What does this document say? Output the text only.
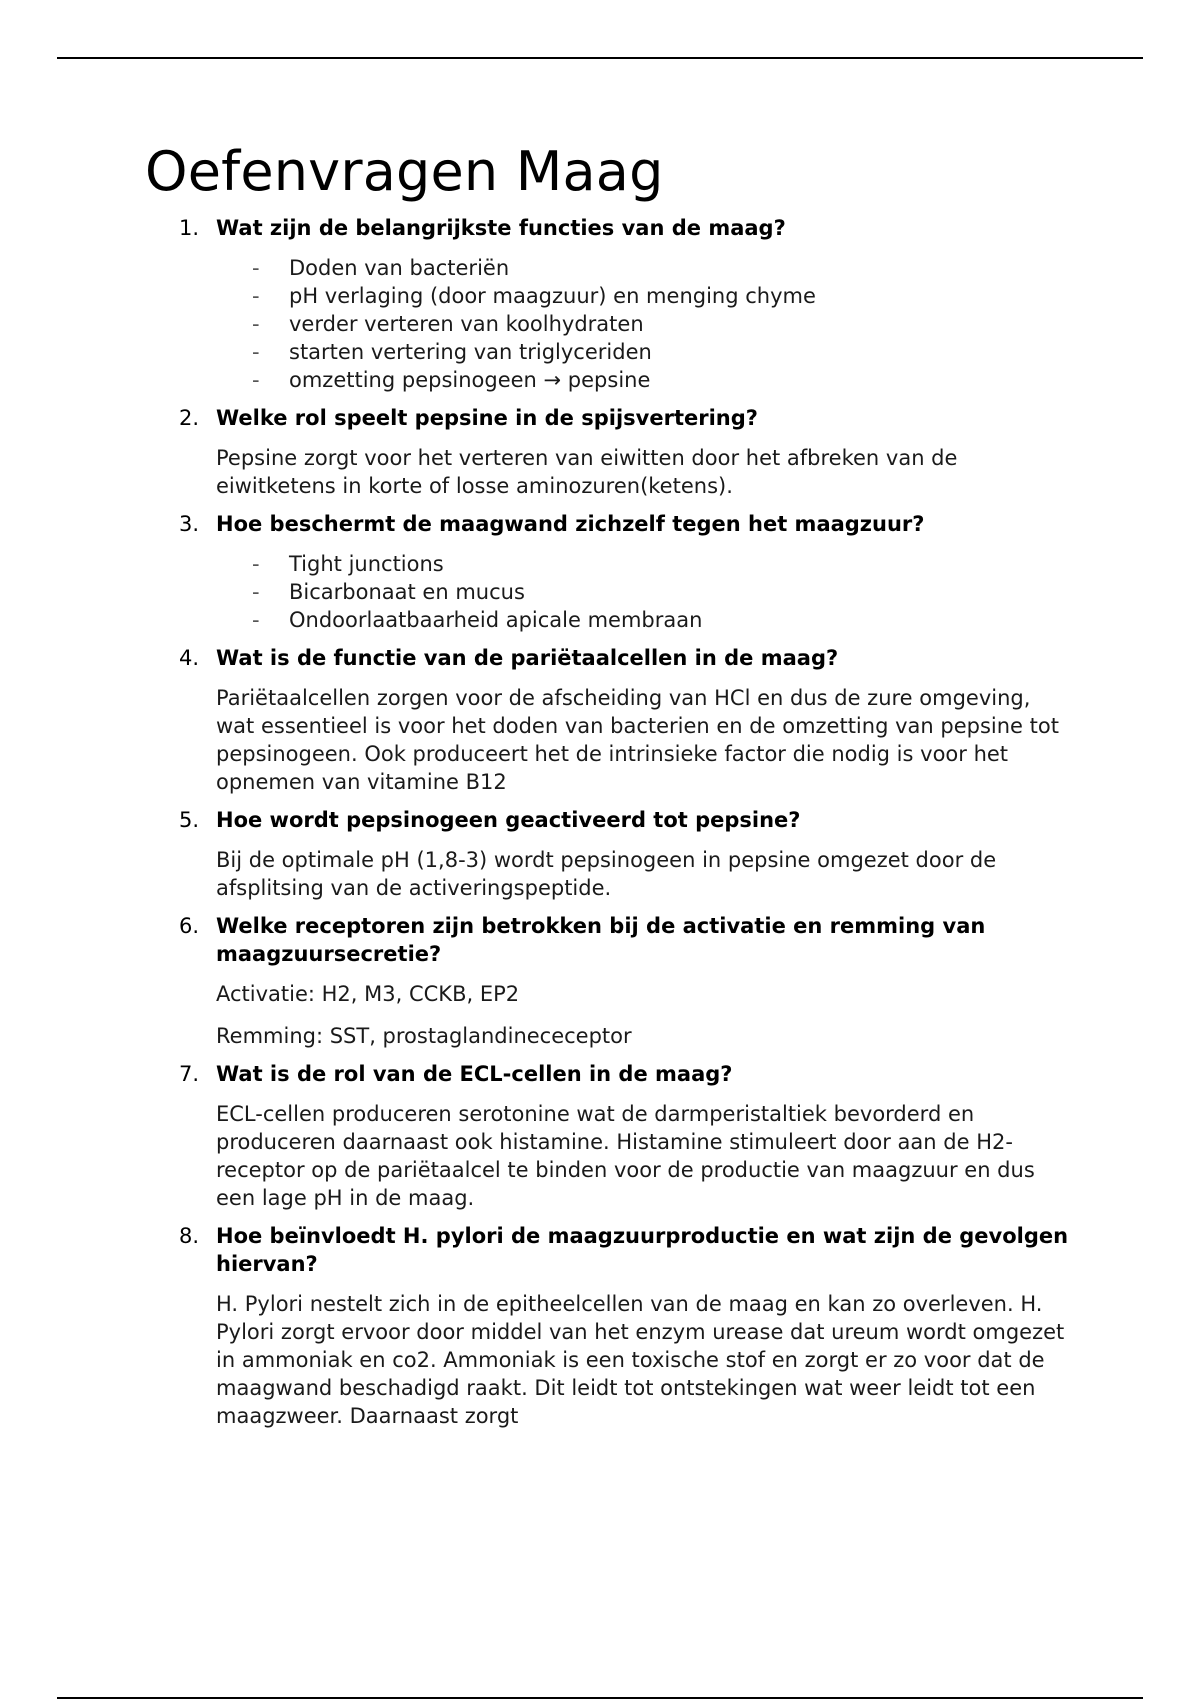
Oefenvragen Maag
1. Wat zijn de belangrijkste functies van de maag?
- Doden van bacteriën
- pH verlaging (door maagzuur) en menging chyme
- verder verteren van koolhydraten
- starten vertering van triglyceriden
- omzetting pepsinogeen → pepsine
2. Welke rol speelt pepsine in de spijsvertering?

Pepsine zorgt voor het verteren van eiwitten door het afbreken van de eiwitketens in korte of losse aminozuren(ketens).

3. Hoe beschermt de maagwand zichzelf tegen het maagzuur?
- Tight junctions
- Bicarbonaat en mucus
- Ondoorlaatbaarheid apicale membraan
4. Wat is de functie van de pariëtaalcellen in de maag?

Pariëtaalcellen zorgen voor de afscheiding van HCl en dus de zure omgeving, wat essentieel is voor het doden van bacterien en de omzetting van pepsine tot pepsinogeen. Ook produceert het de intrinsieke factor die nodig is voor het opnemen van vitamine B12

5. Hoe wordt pepsinogeen geactiveerd tot pepsine?

Bij de optimale pH (1,8-3) wordt pepsinogeen in pepsine omgezet door de afsplitsing van de activeringspeptide.

6. Welke receptoren zijn betrokken bij de activatie en remming van maagzuursecretie?

Activatie: H2, M3, CCKB, EP2

Remming: SST, prostaglandinececeptor

7. Wat is de rol van de ECL-cellen in de maag?

ECL-cellen produceren serotonine wat de darmperistaltiek bevorderd en produceren daarnaast ook histamine. Histamine stimuleert door aan de H2-receptor op de pariëtaalcel te binden voor de productie van maagzuur en dus een lage pH in de maag.

8. Hoe beïnvloedt H. pylori de maagzuurproductie en wat zijn de gevolgen hiervan?

H. Pylori nestelt zich in de epitheelcellen van de maag en kan zo overleven. H. Pylori zorgt ervoor door middel van het enzym urease dat ureum wordt omgezet in ammoniak en co2. Ammoniak is een toxische stof en zorgt er zo voor dat de maagwand beschadigd raakt. Dit leidt tot ontstekingen wat weer leidt tot een maagzweer. Daarnaast zorgt
